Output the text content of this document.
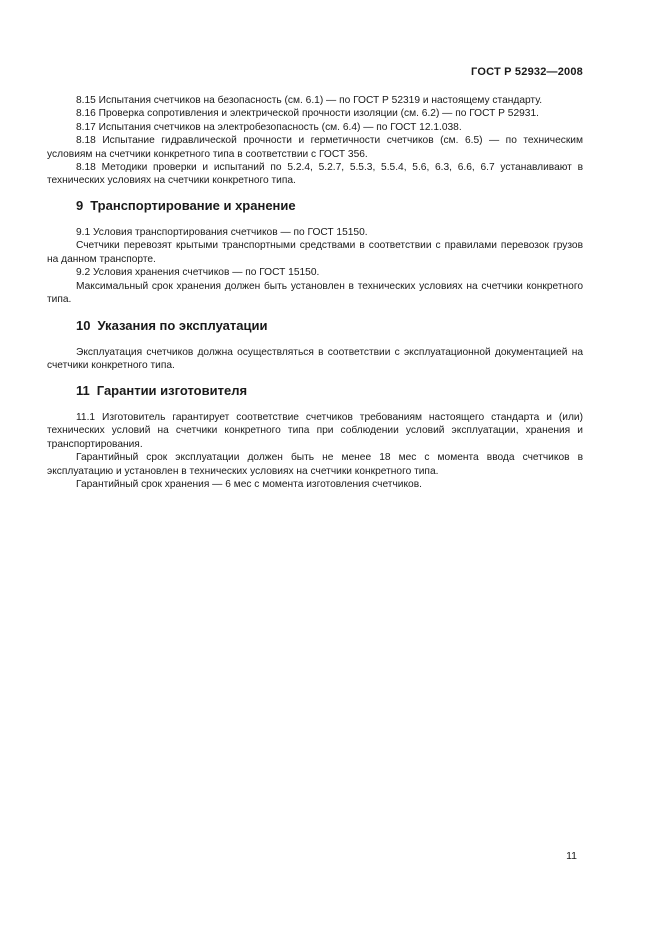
ГОСТ Р 52932—2008

8.15 Испытания счетчиков на безопасность (см. 6.1) — по ГОСТ Р 52319 и настоящему стандарту.

8.16 Проверка сопротивления и электрической прочности изоляции (см. 6.2) — по ГОСТ Р 52931.

8.17 Испытания счетчиков на электробезопасность (см. 6.4) — по ГОСТ 12.1.038.

8.18 Испытание гидравлической прочности и герметичности счетчиков (см. 6.5) — по техническим условиям на счетчики конкретного типа в соответствии с ГОСТ 356.

8.18 Методики проверки и испытаний по 5.2.4, 5.2.7, 5.5.3, 5.5.4, 5.6, 6.3, 6.6, 6.7 устанавливают в технических условиях на счетчики конкретного типа.

9 Транспортирование и хранение

9.1 Условия транспортирования счетчиков — по ГОСТ 15150.

Счетчики перевозят крытыми транспортными средствами в соответствии с правилами перевозок грузов на данном транспорте.

9.2 Условия хранения счетчиков — по ГОСТ 15150.

Максимальный срок хранения должен быть установлен в технических условиях на счетчики конкретного типа.

10 Указания по эксплуатации

Эксплуатация счетчиков должна осуществляться в соответствии с эксплуатационной документацией на счетчики конкретного типа.

11 Гарантии изготовителя

11.1 Изготовитель гарантирует соответствие счетчиков требованиям настоящего стандарта и (или) технических условий на счетчики конкретного типа при соблюдении условий эксплуатации, хранения и транспортирования.

Гарантийный срок эксплуатации должен быть не менее 18 мес с момента ввода счетчиков в эксплуатацию и установлен в технических условиях на счетчики конкретного типа.

Гарантийный срок хранения — 6 мес с момента изготовления счетчиков.

11
